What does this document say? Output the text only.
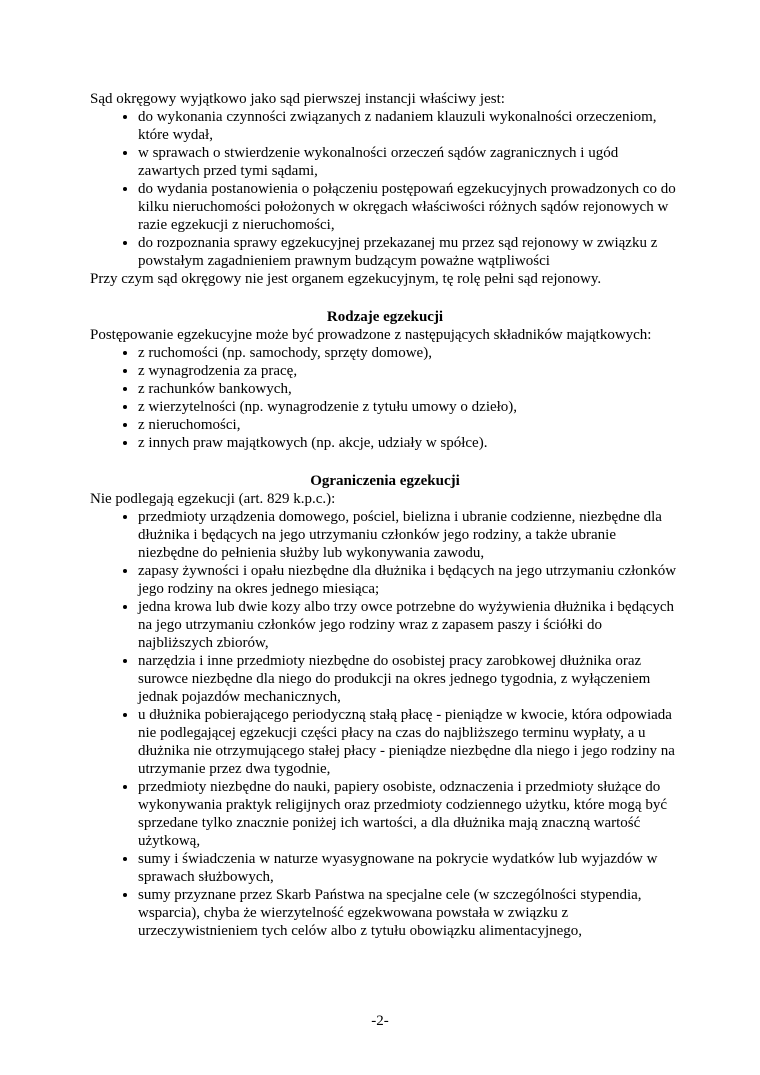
Sąd okręgowy wyjątkowo jako sąd pierwszej instancji właściwy jest:

• do wykonania czynności związanych z nadaniem klauzuli wykonalności orzeczeniom, które wydał,
• w sprawach o stwierdzenie wykonalności orzeczeń sądów zagranicznych i ugód zawartych przed tymi sądami,
• do wydania postanowienia o połączeniu postępowań egzekucyjnych prowadzonych co do kilku nieruchomości położonych w okręgach właściwości różnych sądów rejonowych w razie egzekucji z nieruchomości,
• do rozpoznania sprawy egzekucyjnej przekazanej mu przez sąd rejonowy w związku z powstałym zagadnieniem prawnym budzącym poważne wątpliwości

Przy czym sąd okręgowy nie jest organem egzekucyjnym, tę rolę pełni sąd rejonowy.

Rodzaje egzekucji

Postępowanie egzekucyjne może być prowadzone z następujących składników majątkowych:

• z ruchomości (np. samochody, sprzęty domowe),
• z wynagrodzenia za pracę,
• z rachunków bankowych,
• z wierzytelności (np. wynagrodzenie z tytułu umowy o dzieło),
• z nieruchomości,
• z innych praw majątkowych (np. akcje, udziały w spółce).
Ograniczenia egzekucji

Nie podlegają egzekucji (art. 829 k.p.c.):

• przedmioty urządzenia domowego, pościel, bielizna i ubranie codzienne, niezbędne dla dłużnika i będących na jego utrzymaniu członków jego rodziny, a także ubranie niezbędne do pełnienia służby lub wykonywania zawodu,
• zapasy żywności i opału niezbędne dla dłużnika i będących na jego utrzymaniu członków jego rodziny na okres jednego miesiąca;
• jedna krowa lub dwie kozy albo trzy owce potrzebne do wyżywienia dłużnika i będących na jego utrzymaniu członków jego rodziny wraz z zapasem paszy i ściółki do najbliższych zbiorów,
• narzędzia i inne przedmioty niezbędne do osobistej pracy zarobkowej dłużnika oraz surowce niezbędne dla niego do produkcji na okres jednego tygodnia, z wyłączeniem jednak pojazdów mechanicznych,
• u dłużnika pobierającego periodyczną stałą płacę - pieniądze w kwocie, która odpowiada nie podlegającej egzekucji części płacy na czas do najbliższego terminu wypłaty, a u dłużnika nie otrzymującego stałej płacy - pieniądze niezbędne dla niego i jego rodziny na utrzymanie przez dwa tygodnie,
• przedmioty niezbędne do nauki, papiery osobiste, odznaczenia i przedmioty służące do wykonywania praktyk religijnych oraz przedmioty codziennego użytku, które mogą być sprzedane tylko znacznie poniżej ich wartości, a dla dłużnika mają znaczną wartość użytkową,
• sumy i świadczenia w naturze wyasygnowane na pokrycie wydatków lub wyjazdów w sprawach służbowych,
• sumy przyznane przez Skarb Państwa na specjalne cele (w szczególności stypendia, wsparcia), chyba że wierzytelność egzekwowana powstała w związku z urzeczywistnieniem tych celów albo z tytułu obowiązku alimentacyjnego,
-2-
